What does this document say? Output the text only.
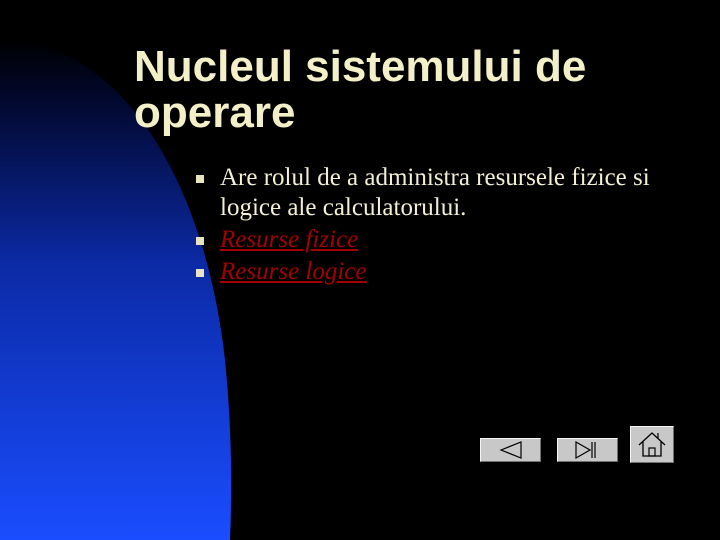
Nucleul sistemului de operare
Are rolul de a administra resursele fizice si logice ale calculatorului.
Resurse fizice
Resurse logice
